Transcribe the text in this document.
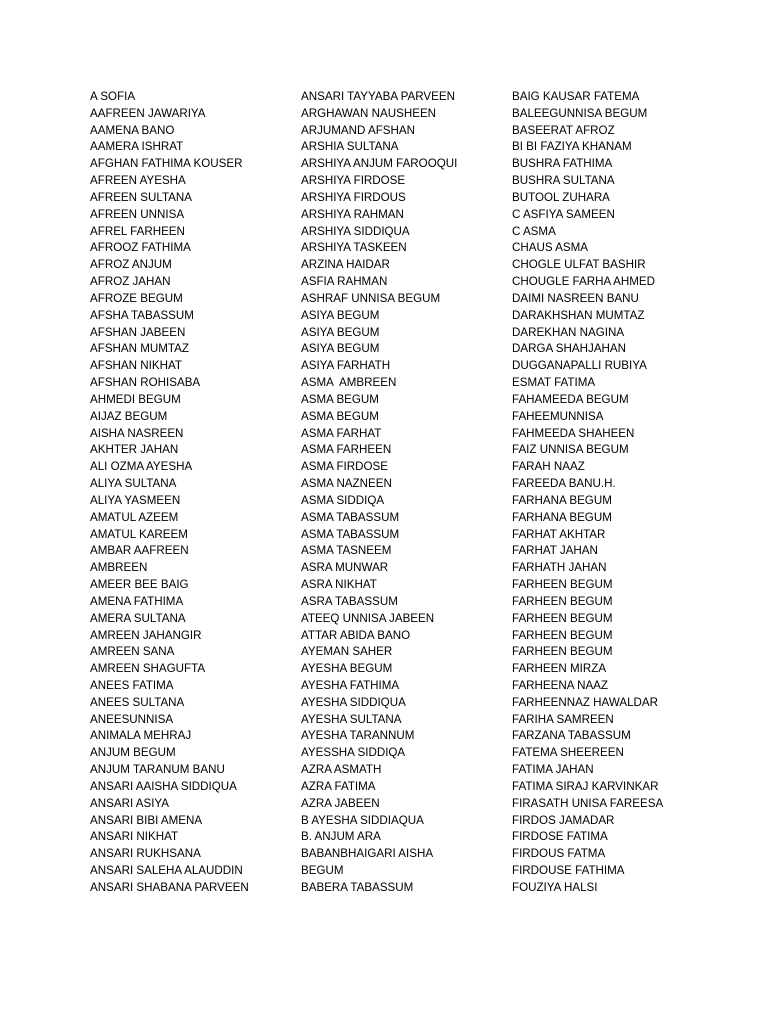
A SOFIA
AAFREEN JAWARIYA
AAMENA BANO
AAMERA ISHRAT
AFGHAN FATHIMA KOUSER
AFREEN AYESHA
AFREEN SULTANA
AFREEN UNNISA
AFREL FARHEEN
AFROOZ FATHIMA
AFROZ ANJUM
AFROZ JAHAN
AFROZE BEGUM
AFSHA TABASSUM
AFSHAN JABEEN
AFSHAN MUMTAZ
AFSHAN NIKHAT
AFSHAN ROHISABA
AHMEDI BEGUM
AIJAZ BEGUM
AISHA NASREEN
AKHTER JAHAN
ALI OZMA AYESHA
ALIYA SULTANA
ALIYA YASMEEN
AMATUL AZEEM
AMATUL KAREEM
AMBAR AAFREEN
AMBREEN
AMEER BEE BAIG
AMENA FATHIMA
AMERA SULTANA
AMREEN JAHANGIR
AMREEN SANA
AMREEN SHAGUFTA
ANEES FATIMA
ANEES SULTANA
ANEESUNNISA
ANIMALA MEHRAJ
ANJUM BEGUM
ANJUM TARANUM BANU
ANSARI AAISHA SIDDIQUA
ANSARI ASIYA
ANSARI BIBI AMENA
ANSARI NIKHAT
ANSARI RUKHSANA
ANSARI SALEHA ALAUDDIN
ANSARI SHABANA PARVEEN
ANSARI TAYYABA PARVEEN
ARGHAWAN NAUSHEEN
ARJUMAND AFSHAN
ARSHIA SULTANA
ARSHIYA ANJUM FAROOQUI
ARSHIYA FIRDOSE
ARSHIYA FIRDOUS
ARSHIYA RAHMAN
ARSHIYA SIDDIQUA
ARSHIYA TASKEEN
ARZINA HAIDAR
ASFIA RAHMAN
ASHRAF UNNISA BEGUM
ASIYA BEGUM
ASIYA BEGUM
ASIYA BEGUM
ASIYA FARHATH
ASMA  AMBREEN
ASMA BEGUM
ASMA BEGUM
ASMA FARHAT
ASMA FARHEEN
ASMA FIRDOSE
ASMA NAZNEEN
ASMA SIDDIQA
ASMA TABASSUM
ASMA TABASSUM
ASMA TASNEEM
ASRA MUNWAR
ASRA NIKHAT
ASRA TABASSUM
ATEEQ UNNISA JABEEN
ATTAR ABIDA BANO
AYEMAN SAHER
AYESHA BEGUM
AYESHA FATHIMA
AYESHA SIDDIQUA
AYESHA SULTANA
AYESHA TARANNUM
AYESSHA SIDDIQA
AZRA ASMATH
AZRA FATIMA
AZRA JABEEN
B AYESHA SIDDIAQUA
B. ANJUM ARA
BABANBHAIGARI AISHA
BEGUM
BABERA TABASSUM
BAIG KAUSAR FATEMA
BALEEGUNNISA BEGUM
BASEERAT AFROZ
BI BI FAZIYA KHANAM
BUSHRA FATHIMA
BUSHRA SULTANA
BUTOOL ZUHARA
C ASFIYA SAMEEN
C ASMA
CHAUS ASMA
CHOGLE ULFAT BASHIR
CHOUGLE FARHA AHMED
DAIMI NASREEN BANU
DARAKHSHAN MUMTAZ
DAREKHAN NAGINA
DARGA SHAHJAHAN
DUGGANAPALLI RUBIYA
ESMAT FATIMA
FAHAMEEDA BEGUM
FAHEEMUNNISA
FAHMEEDA SHAHEEN
FAIZ UNNISA BEGUM
FARAH NAAZ
FAREEDA BANU.H.
FARHANA BEGUM
FARHANA BEGUM
FARHAT AKHTAR
FARHAT JAHAN
FARHATH JAHAN
FARHEEN BEGUM
FARHEEN BEGUM
FARHEEN BEGUM
FARHEEN BEGUM
FARHEEN BEGUM
FARHEEN MIRZA
FARHEENA NAAZ
FARHEENNAZ HAWALDAR
FARIHA SAMREEN
FARZANA TABASSUM
FATEMA SHEEREEN
FATIMA JAHAN
FATIMA SIRAJ KARVINKAR
FIRASATH UNISA FAREESA
FIRDOS JAMADAR
FIRDOSE FATIMA
FIRDOUS FATMA
FIRDOUSE FATHIMA
FOUZIYA HALSI
